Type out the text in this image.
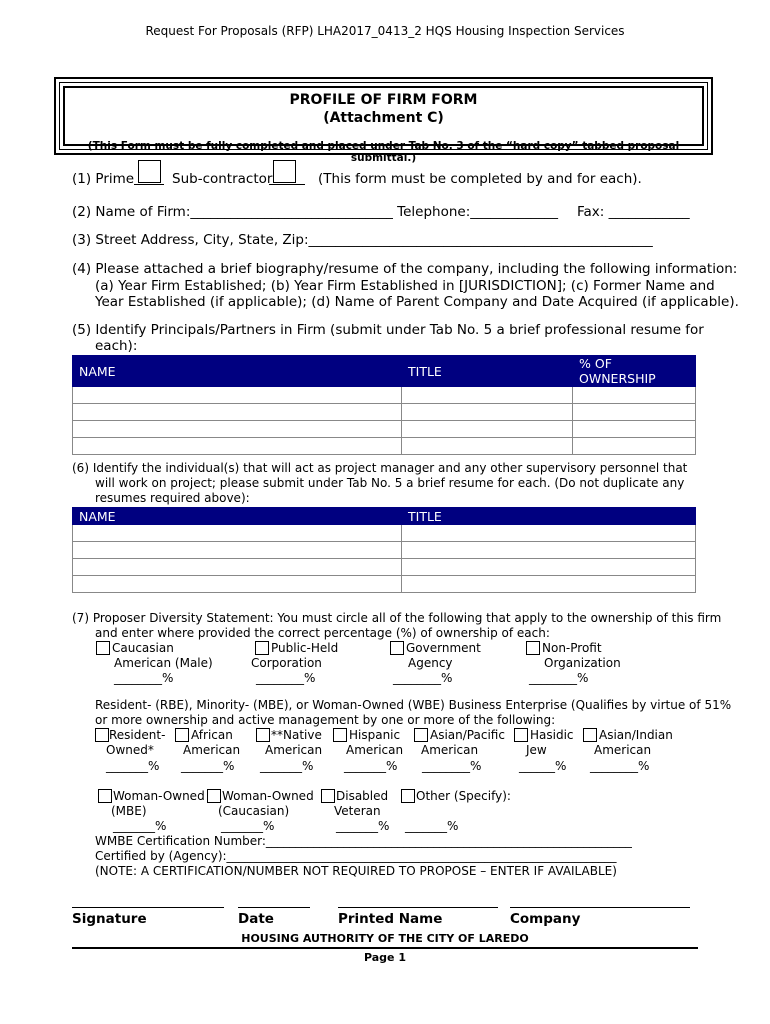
Request For Proposals (RFP) LHA2017_0413_2 HQS Housing Inspection Services
PROFILE OF FIRM FORM
(Attachment C)
(This Form must be fully completed and placed under Tab No. 3 of the “hard copy” tabbed proposal submittal.)
(1) Prime	Sub-contractor	(This form must be completed by and for each).
(2) Name of Firm:______________________________ Telephone:_____________ Fax: ____________
(3) Street Address, City, State, Zip:___________________________________________________
(4) Please attached a brief biography/resume of the company, including the following information:
(a) Year Firm Established; (b) Year Firm Established in [JURISDICTION]; (c) Former Name and
Year Established (if applicable); (d) Name of Parent Company and Date Acquired (if applicable).
(5) Identify Principals/Partners in Firm (submit under Tab No. 5 a brief professional resume for
each):
NAME	TITLE	% OF OWNERSHIP

(6) Identify the individual(s) that will act as project manager and any other supervisory personnel that
will work on project; please submit under Tab No. 5 a brief resume for each. (Do not duplicate any
resumes required above):
NAME	TITLE

(7) Proposer Diversity Statement: You must circle all of the following that apply to the ownership of this firm
and enter where provided the correct percentage (%) of ownership of each:
Caucasian
American (Male)
________%
Public-Held
Corporation
________%
Government
Agency
________%
Non-Profit
Organization
________%
Resident- (RBE), Minority- (MBE), or Woman-Owned (WBE) Business Enterprise (Qualifies by virtue of 51%
or more ownership and active management by one or more of the following:
Resident-
Owned*
_______%
African
American
_______%
**Native
American
_______%
Hispanic
American
_______%
Asian/Pacific
American
________%
Hasidic
Jew
______%
Asian/Indian
American
________%
Woman-Owned
(MBE)
_______%
Woman-Owned
(Caucasian)
_______%
Disabled
Veteran
_______%
Other (Specify):
_______%
WMBE Certification Number:_____________________________________________________________
Certified by (Agency):_________________________________________________________________
(NOTE: A CERTIFICATION/NUMBER NOT REQUIRED TO PROPOSE – ENTER IF AVAILABLE)
Signature	Date	Printed Name	Company
HOUSING AUTHORITY OF THE CITY OF LAREDO
Page 1
